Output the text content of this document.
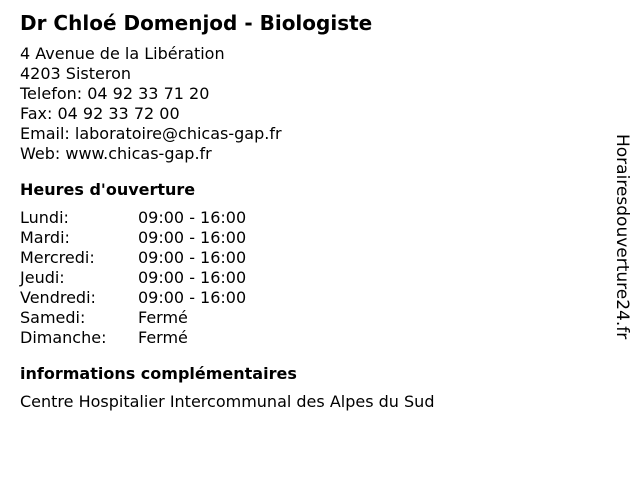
Dr Chloé Domenjod - Biologiste
4 Avenue de la Libération
4203 Sisteron
Telefon: 04 92 33 71 20
Fax: 04 92 33 72 00
Email: laboratoire@chicas-gap.fr
Web: www.chicas-gap.fr
Heures d'ouverture
Lundi:	09:00 - 16:00
Mardi:	09:00 - 16:00
Mercredi:	09:00 - 16:00
Jeudi:	09:00 - 16:00
Vendredi:	09:00 - 16:00
Samedi:	Fermé
Dimanche:	Fermé
informations complémentaires
Centre Hospitalier Intercommunal des Alpes du Sud
Horairesdouverture24.fr
